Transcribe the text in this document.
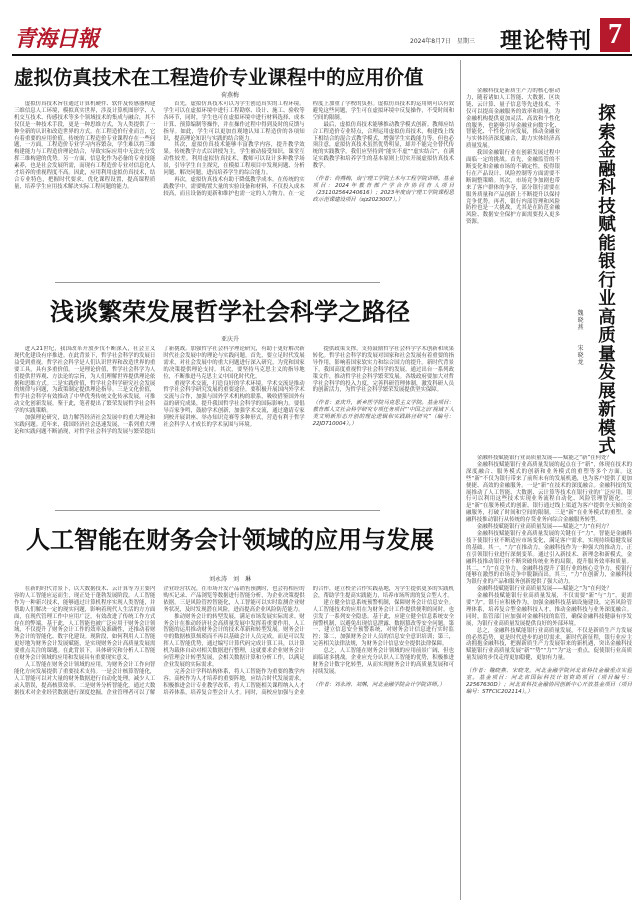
青海日報	2024年8月7日　星期三 理论特刊 7
虚拟仿真技术在工程造价专业课程中的应用价值
荷燕梅

虚拟仿真技术旨在通过计算机硬件、软件及传感器构建三维信息人工环境，模拟真实世界，涉及计算机图形学、人机交互技术、传感技术等多个领域技术的集成与融合，其不仅仅是一种技术手段，更是一种思维方式，为人类提供了一种全新的认识和改造世界的方式。在工程造价行业而言，它有着重要的应用价值。传统的工程造价专业课程存在一些问题，一方面，工程造价专业学习内容繁杂，学生难以将三维构建能力与工程造价理论结合，导致实际应用中无法充分发挥三维构建的优势。另一方面，信息化作为必备的专业技能素养，也是社会发展所需，而现有工程造价专业对信息化人才培养的重视程度不高。因此，应用利用虚拟仿真技术，结合专业特色，把握时代要求，优化课程设置，提高课程质量，培养学生应用技术解决实际工程问题的能力。

首先，虚拟仿真技术可以为学生创造真实的工程环境。学生可以在虚拟环境中进行工程勘察、设计、施工、验收等各环节，同时，学生也可在虚拟环境中进行材料选择、成本计算、预算编制等操作，并在操作过程中得到及时的反馈与指导。如此，学生可以更加直观地认知工程造价的各项知识，提高理论知识与实践的结合能力。

其次，虚拟仿真技术能够丰富教学内容，提升教学效果。传统教学方式以讲授为主，学生被动接受知识，课堂互动性较差。利用虚拟仿真技术，教师可以设计多种教学场景，引导学生自主探究，在模拟工程项目中发现问题、分析问题、解决问题，进而培养学生的综合能力。

再次，虚拟仿真技术有助于降低教学成本。在传统的实践教学中，需要购置大量的实验设备和材料，不仅投入成本较高，而且设备的更新和维护也需一定的人力物力，在一定程度上加重了学校的负担。虚拟仿真技术的运用则可以有效避免这些问题，学生可在虚拟环境中反复操作，不受时间和空间的限制。

最后，虚拟仿真技术能够推动教学模式创新。教师应结合工程造价专业特点，合理运用虚拟仿真技术，构建线上线下相结合的混合式教学模式，增强学生实践能力等。但也必须注意，虚拟仿真技术虽然优势明显，却并不能完全替代传统的实践教学，我们应坚持到“能实不虚”“虚实结合”，在满足实践教学和培养学生的基本原则上切实开展虚拟仿真技术教学。

（作者：荷燕梅，南宁理工学院土木与工程学院讲师。基金项目：2024年教育部产学合作协同育人项目（231102564240616）；2023年度南宁理工学院课程思政示范课建设项目（sjz2023007）。）

浅谈繁荣发展哲学社会科学之路径
亚庆升

进入21世纪，我国改革开放步伐不断深入，社会主义现代化建设有序推进。在此背景下，哲学社会科学的发展日益受到重视。哲学社会科学是人们认识世界和改造世界的重要工具，具有多重价值。一是理论价值，哲学社会科学为人们提供世界观、方法论的宗旨，为人们理解世界提供理论依据和思维方式。二是实践价值，哲学社会科学研究社会发展的规律与问题，为政策制定提供理论指导。三是文化价值，哲学社会科学有效推动了中华优秀传统文化传承发展，可推动文化创新发展。鉴于此，笔者提出了繁荣发展哲学社会科学的实践策略。

加强理论研究，助力解答经济社会发展中的重大理论和实践问题。近年来，我国经济社会迅速发展，一系列重大理论和实践问题不断涌现，对哲学社会科学的发展与繁荣提出了新挑战。加强哲学社会科学理论研究，有助于更好解决新时代社会发展中的理论与实践问题。首先，要立足时代发展需求，对社会发展中的重大问题进行深入研究，为党和国家的决策提供理论支持。其次，要坚持马克思主义的指导地位，不断推进马克思主义中国化时代化。

重视学术交流，打造良好的学术环境。学术交流是推动哲学社会科学研究发展的重要途径。要积极开展国内外学术交流与合作，加强与国外学术机构的联系，吸收借鉴国外有益的研究成果，提升我国哲学社会科学的国际影响力。要倡导百家争鸣，鼓励学术创新，加强学术交流，通过邀请专家到校开展讲座、举办知识竞赛等多种形式，营造有利于哲学社会科学人才成长的学术氛围与环境。

提供政策支撑，支持鼓励哲学社会科学学术创新和成果转化。哲学社会科学的发展对国家和社会发展有着重要的指导作用，影响着国家软实力和综合国力的提升。新时代背景下，我国高度重视哲学社会科学的发展，通过出台一系列政策文件，推动哲学社会科学繁荣发展。各级政府要加大对哲学社会科学的投入力度，完善科研管理体制，激发科研人员的创新活力，为哲学社会科学繁荣发展提供坚实保障。

（作者：亚庆升，新乡医学院马克思主义学院。基金项目：教育部人文社会科学研究专项任务项目“‘中国之治’视域下人类文明新形态开创的理论逻辑和实践路径研究”（编号：22JD710004）。）

人工智能在财务会计领域的应用与发展
刘永涛　刘　琳

在新的时代背景下，以大数据技术、云计算等为主要内容的人工智能应运而生，现正处于蓬勃发展阶段。人工智能作为一种新兴技术，能够通过计算机程序实现人类智能，并帮助人们解决一定的现实问题，影响着现代人生活的方方面面，在现代管理工作中应用广泛，有效改进了传统工作方式存在的弊端。基于此，人工智能也被广泛应用于财务会计领域，不仅提升了财务会计工作的效率及准确性，还推动着财务会计的智能化、数字化建设。现阶段，如何利用人工智能更好地为财务会计发展赋能，是实现财务会计高质量发展需要重点关注的课题。在此背景下，具体研究和分析人工智能在财务会计领域的应用和发展具有重要现实意义。

人工智能在财务会计领域的应用，为财务会计工作向智能化方向发展提供了重要技术支持。一是会计核算智能化，人工智能可以对大量的财务数据进行自动化处理，减少人工录入错误，提高核算效率。二是财务分析智能化，通过大数据技术对企业经营数据进行深度挖掘，企业管理者可以了解企业经营状况，在市场开发产品销售预测时，也会将相应的购买记录、产品浏览等数据进行智能分析，为企业决策提供依据。三是风险管控智能化，人工智能可以实时监测企业财务状况，及时发现潜在风险，进而提高企业风险防范能力。

推动财务会计的转型发展，满足市场发展实际需求。财务会计在推动经济社会高质量发展中发挥着重要作用，人工智能的运用推动财务会计的技术革新和转型发展。财务会计中的数据核算烦琐而不再以基础会计人员完成，而是可以发挥人工智能优势，通过编写计算代码完成计算工具，以计算机为载体自动对相关数据进行整理，这就要求企业财务会计向管理会计转型发展，会相关数据计算和分析工作，以满足企业发展的实际需求。

完善会计学科结构体系，将人工智能作为重要的教学内容。高校作为人才培养的重要阵地，应结合时代发展需求，积极推进会计专业教学改革，将人工智能相关课程纳入人才培养体系，培养复合型会计人才。同时，高校应加强与企业的合作，建立校企合作实践基地，为学生提供更多的实践机会，帮助学生提高实践能力，培养市场所需的复合型人才。

建立健全信息系统预警机制，保障财务会计信息安全。人工智能技术的应用在为财务会计工作提供便利的同时，也引发了一系列安全隐患。基于此，应建立健全信息系统安全预警机制，以避免出现信息泄露、数据篡改等安全问题。第一，建立信息安全预警系统，对财务会计信息进行实时监控；第二，加强财务会计人员的信息安全意识培训；第三，完善相关法律法规，为财务会计信息安全提供法律保障。

总之，人工智能在财务会计领域的应用前景广阔，但也面临诸多挑战。企业应充分认识人工智能的优势，积极推进财务会计数字化转型，从而实现财务会计的高质量发展和可持续发展。

（作者：刘永涛、刘琳，河北金融学院会计学院讲师。）

金融科技是新质生产力的核心驱动力，随着诸如人工智能、大数据、区块链、云计算、量子信息等先进技术，不仅可以提高金融服务的效率和质量，为金融机构提供更加灵活、高效和个性化的服务，也能够引导金融业向数字化、智能化、个性化方向发展，推动金融业与实体经济深度融合，助力实体经济高质量发展。

我国金融银行业在创新发展过程中面临一定的挑战。首先，金融监管的不断变化和金融市场的不确定性，使得银行在产品设计、风险控制等方面需要不断调整策略。其次，市场竞争加剧也带来了客户群体的争夺，部分银行需要在服务质量和产品创新上不断提升以保持竞争优势。再者，银行内部管理和风险防控也是一大挑战，尤其是在防范金融风险、数据安全保护方面需要投入更多资源。

魏晓燕
探索金融科技赋能银行业高质量发展新模式
宋晓龙

金融科技赋能银行业高质量发展——赋能之“新”在何处？

金融科技赋能银行业高质量发展的起点在于“新”，体现在技术的深度融合、服务模式的创新和业务模式的重塑等多个方面。这些“新”不仅为银行带来了前所未有的发展机遇，也为客户提供了更加便捷、高效的金融服务。一是“新”在技术的深度融合。金融科技的发展推动了人工智能、大数据、云计算等技术在银行业的广泛应用，银行可以利用这些技术实现业务流程自动化、风险管理智能化。二是“新”在服务模式的创新，银行通过线上渠道为客户提供全天候的金融服务，打破了时间和空间的限制。三是“新”在业务模式的重塑，金融科技推动银行从传统的存贷业务向综合金融服务转型。

金融科技赋能银行业高质量发展——赋能之“力”在何方？

金融科技赋能银行业高质量发展的关键在于“力”。智能是金融科技下使银行业不断适应市场变化，满足客户需求，实现持续稳健发展的基础。其一，“力”在推动力，金融科技作为一种强大的推动力，正在引领银行业进行深刻变革。通过引入新技术、新理念和新模式，金融科技推动银行业不断突破传统业务的局限，提升服务效率和质量。其二，“力”在竞争力，金融科技提升了银行业的核心竞争力，使银行能够在激烈的市场竞争中脱颖而出。其三，“力”在创新力，金融科技为银行业的产品和服务创新提供了强大动力。

金融科技赋能银行业高质量发展——赋能之“为”在何处？

金融科技赋能银行业高质量发展，不仅需要“新”与“力”，更需要“为”。银行应积极作为，加强金融科技基础设施建设，完善风险管理体系，培养复合型金融科技人才，推动金融科技与业务深度融合。同时，监管部门应加强对金融科技的监管，确保金融科技健康有序发展，为银行业高质量发展提供良好的外部环境。

总之，金融科技赋能银行业高质量发展，不仅是新质生产力发展的必然趋势，更是时代进步的迫切需求。新时代新征程，银行业应主动拥抱金融科技，把握新质生产力发展带来的新机遇，突出金融科技赋能银行业高质量发展“新”“势”“力”“为”这一重点，促使银行业高质量发展的步伐走得更加稳健，更加有力量。

（作者：魏晓燕、宋晓龙，河北金融学院河北省科技金融重点实验室。基金项目：河北省国际科技计划资助项目（项目编号：22567630D）；河北省科技金融协同创新中心开放基金项目（项目编号：STFCIC202114）。）
